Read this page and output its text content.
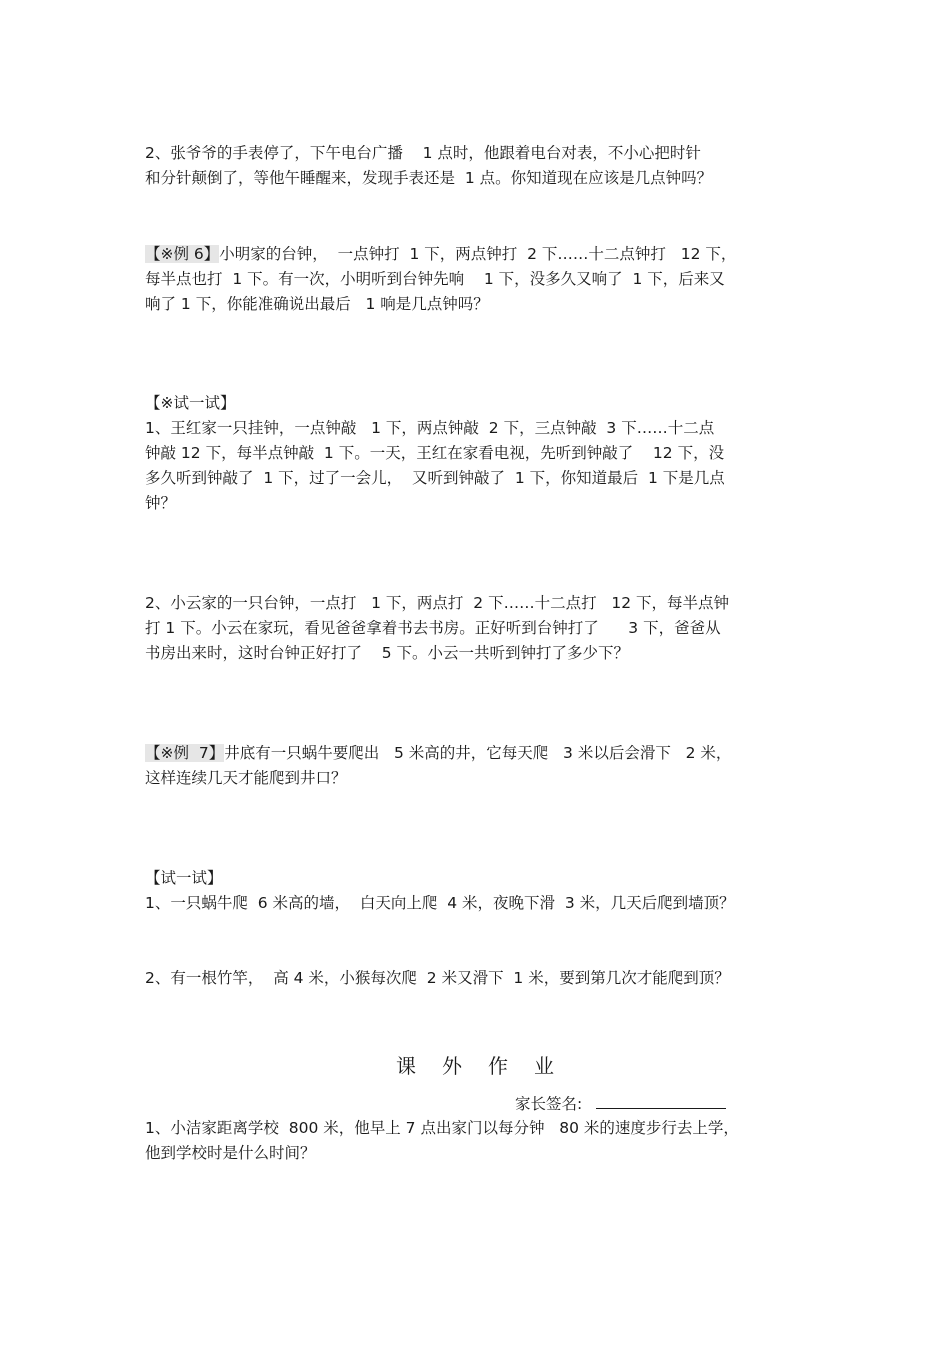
2、张爷爷的手表停了，下午电台广播    1 点时，他跟着电台对表，不小心把时针
和分针颠倒了，等他午睡醒来，发现手表还是  1 点。你知道现在应该是几点钟吗？
【※例 6】小明家的台钟，  一点钟打  1 下，两点钟打  2 下……十二点钟打   12 下，
每半点也打  1 下。有一次，小明听到台钟先响    1 下，没多久又响了  1 下，后来又
响了 1 下，你能准确说出最后   1 响是几点钟吗？
【※试一试】
1、王红家一只挂钟，一点钟敲   1 下，两点钟敲  2 下，三点钟敲  3 下……十二点
钟敲 12 下，每半点钟敲  1 下。一天，王红在家看电视，先听到钟敲了    12 下，没
多久听到钟敲了  1 下，过了一会儿，  又听到钟敲了  1 下，你知道最后  1 下是几点
钟？
2、小云家的一只台钟，一点打   1 下，两点打  2 下……十二点打   12 下，每半点钟
打 1 下。小云在家玩，看见爸爸拿着书去书房。正好听到台钟打了      3 下，爸爸从
书房出来时，这时台钟正好打了    5 下。小云一共听到钟打了多少下？
【※例  7】井底有一只蜗牛要爬出   5 米高的井，它每天爬   3 米以后会滑下   2 米，
这样连续几天才能爬到井口？
【试一试】
1、一只蜗牛爬  6 米高的墙，  白天向上爬  4 米，夜晚下滑  3 米，几天后爬到墙顶？
2、有一根竹竿，  高 4 米，小猴每次爬  2 米又滑下  1 米，要到第几次才能爬到顶？
课外作业
家长签名:
1、小洁家距离学校  800 米，他早上 7 点出家门以每分钟   80 米的速度步行去上学，
他到学校时是什么时间？
